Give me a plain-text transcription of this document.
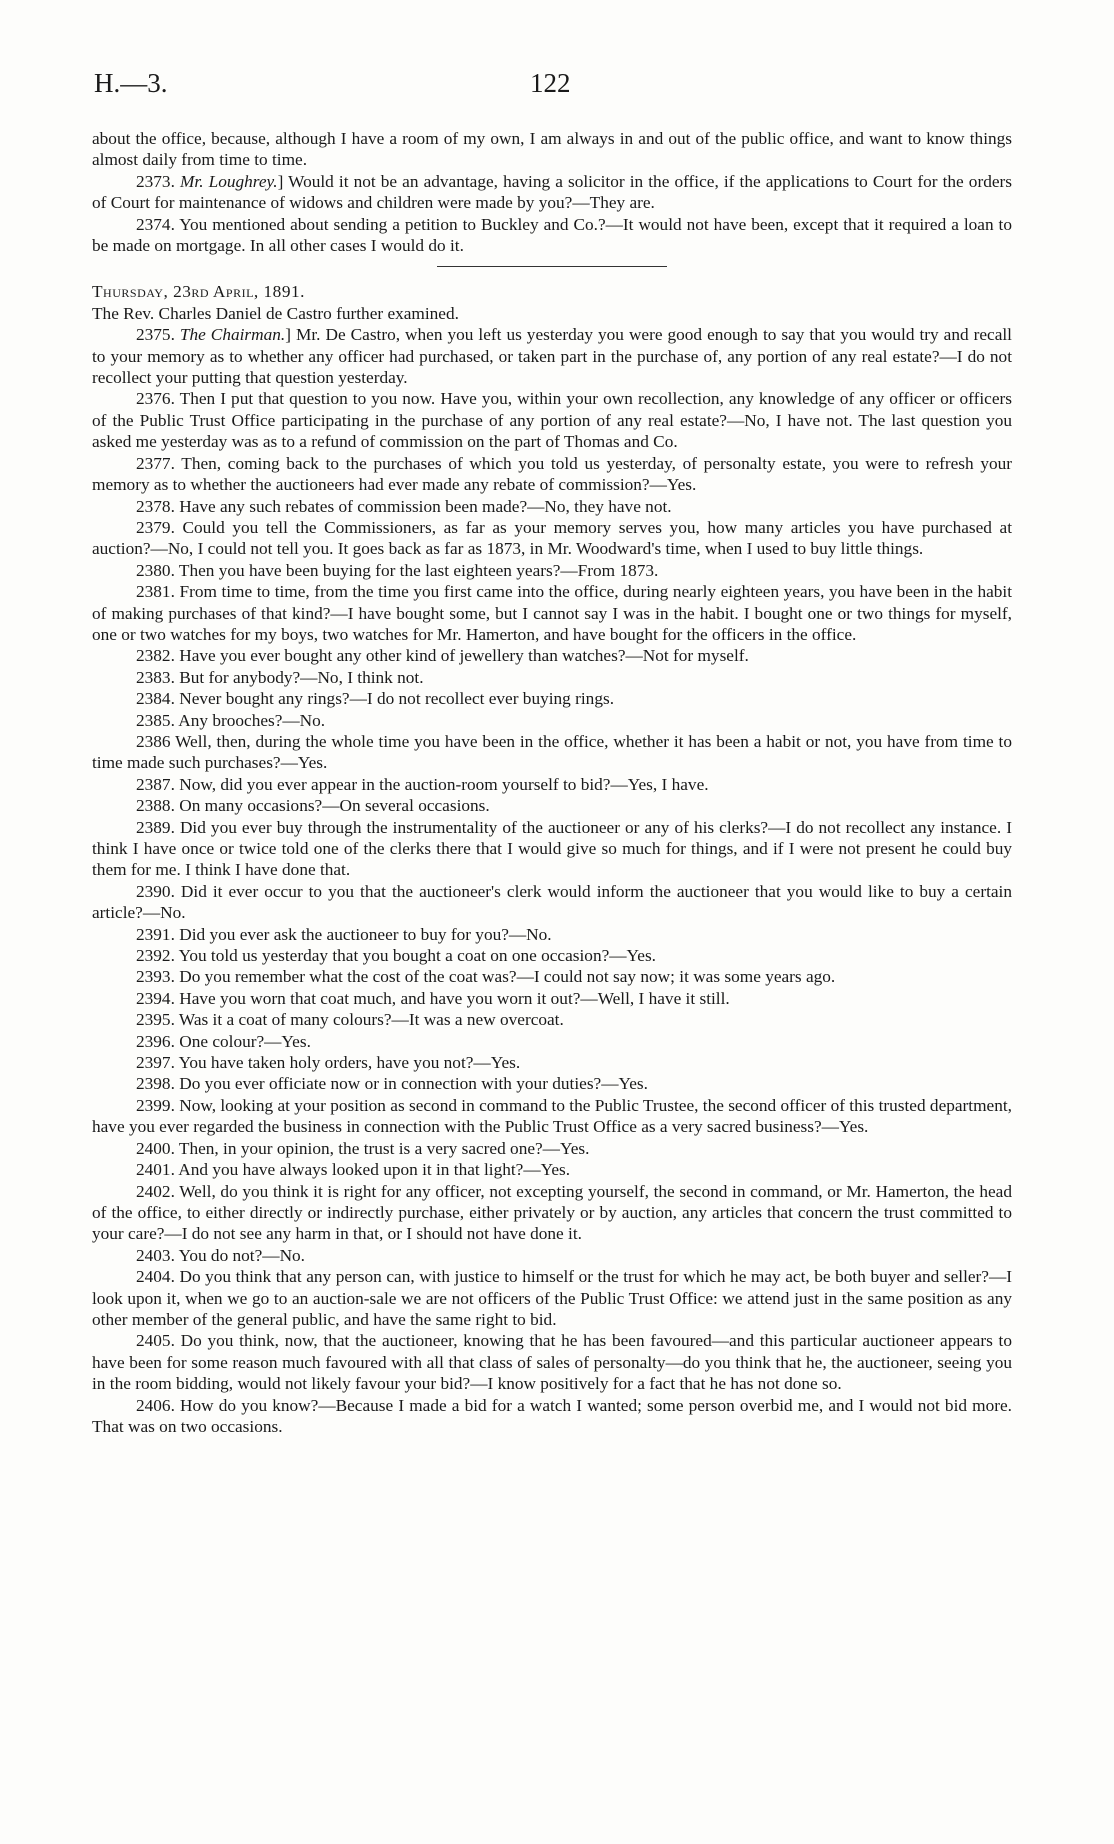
H.—3.	122

about the office, because, although I have a room of my own, I am always in and out of the public office, and want to know things almost daily from time to time.

2373. Mr. Loughrey.] Would it not be an advantage, having a solicitor in the office, if the applications to Court for the orders of Court for maintenance of widows and children were made by you?—They are.

2374. You mentioned about sending a petition to Buckley and Co.?—It would not have been, except that it required a loan to be made on mortgage. In all other cases I would do it.

Thursday, 23rd April, 1891.

The Rev. Charles Daniel de Castro further examined.

2375. The Chairman.] Mr. De Castro, when you left us yesterday you were good enough to say that you would try and recall to your memory as to whether any officer had purchased, or taken part in the purchase of, any portion of any real estate?—I do not recollect your putting that question yesterday.

2376. Then I put that question to you now. Have you, within your own recollection, any knowledge of any officer or officers of the Public Trust Office participating in the purchase of any portion of any real estate?—No, I have not. The last question you asked me yesterday was as to a refund of commission on the part of Thomas and Co.

2377. Then, coming back to the purchases of which you told us yesterday, of personalty estate, you were to refresh your memory as to whether the auctioneers had ever made any rebate of commission?—Yes.

2378. Have any such rebates of commission been made?—No, they have not.

2379. Could you tell the Commissioners, as far as your memory serves you, how many articles you have purchased at auction?—No, I could not tell you. It goes back as far as 1873, in Mr. Woodward's time, when I used to buy little things.

2380. Then you have been buying for the last eighteen years?—From 1873.

2381. From time to time, from the time you first came into the office, during nearly eighteen years, you have been in the habit of making purchases of that kind?—I have bought some, but I cannot say I was in the habit. I bought one or two things for myself, one or two watches for my boys, two watches for Mr. Hamerton, and have bought for the officers in the office.

2382. Have you ever bought any other kind of jewellery than watches?—Not for myself.

2383. But for anybody?—No, I think not.

2384. Never bought any rings?—I do not recollect ever buying rings.

2385. Any brooches?—No.

2386 Well, then, during the whole time you have been in the office, whether it has been a habit or not, you have from time to time made such purchases?—Yes.

2387. Now, did you ever appear in the auction-room yourself to bid?—Yes, I have.

2388. On many occasions?—On several occasions.

2389. Did you ever buy through the instrumentality of the auctioneer or any of his clerks?—I do not recollect any instance. I think I have once or twice told one of the clerks there that I would give so much for things, and if I were not present he could buy them for me. I think I have done that.

2390. Did it ever occur to you that the auctioneer's clerk would inform the auctioneer that you would like to buy a certain article?—No.

2391. Did you ever ask the auctioneer to buy for you?—No.

2392. You told us yesterday that you bought a coat on one occasion?—Yes.

2393. Do you remember what the cost of the coat was?—I could not say now; it was some years ago.

2394. Have you worn that coat much, and have you worn it out?—Well, I have it still.

2395. Was it a coat of many colours?—It was a new overcoat.

2396. One colour?—Yes.

2397. You have taken holy orders, have you not?—Yes.

2398. Do you ever officiate now or in connection with your duties?—Yes.

2399. Now, looking at your position as second in command to the Public Trustee, the second officer of this trusted department, have you ever regarded the business in connection with the Public Trust Office as a very sacred business?—Yes.

2400. Then, in your opinion, the trust is a very sacred one?—Yes.

2401. And you have always looked upon it in that light?—Yes.

2402. Well, do you think it is right for any officer, not excepting yourself, the second in command, or Mr. Hamerton, the head of the office, to either directly or indirectly purchase, either privately or by auction, any articles that concern the trust committed to your care?—I do not see any harm in that, or I should not have done it.

2403. You do not?—No.

2404. Do you think that any person can, with justice to himself or the trust for which he may act, be both buyer and seller?—I look upon it, when we go to an auction-sale we are not officers of the Public Trust Office: we attend just in the same position as any other member of the general public, and have the same right to bid.

2405. Do you think, now, that the auctioneer, knowing that he has been favoured—and this particular auctioneer appears to have been for some reason much favoured with all that class of sales of personalty—do you think that he, the auctioneer, seeing you in the room bidding, would not likely favour your bid?—I know positively for a fact that he has not done so.

2406. How do you know?—Because I made a bid for a watch I wanted; some person overbid me, and I would not bid more. That was on two occasions.
